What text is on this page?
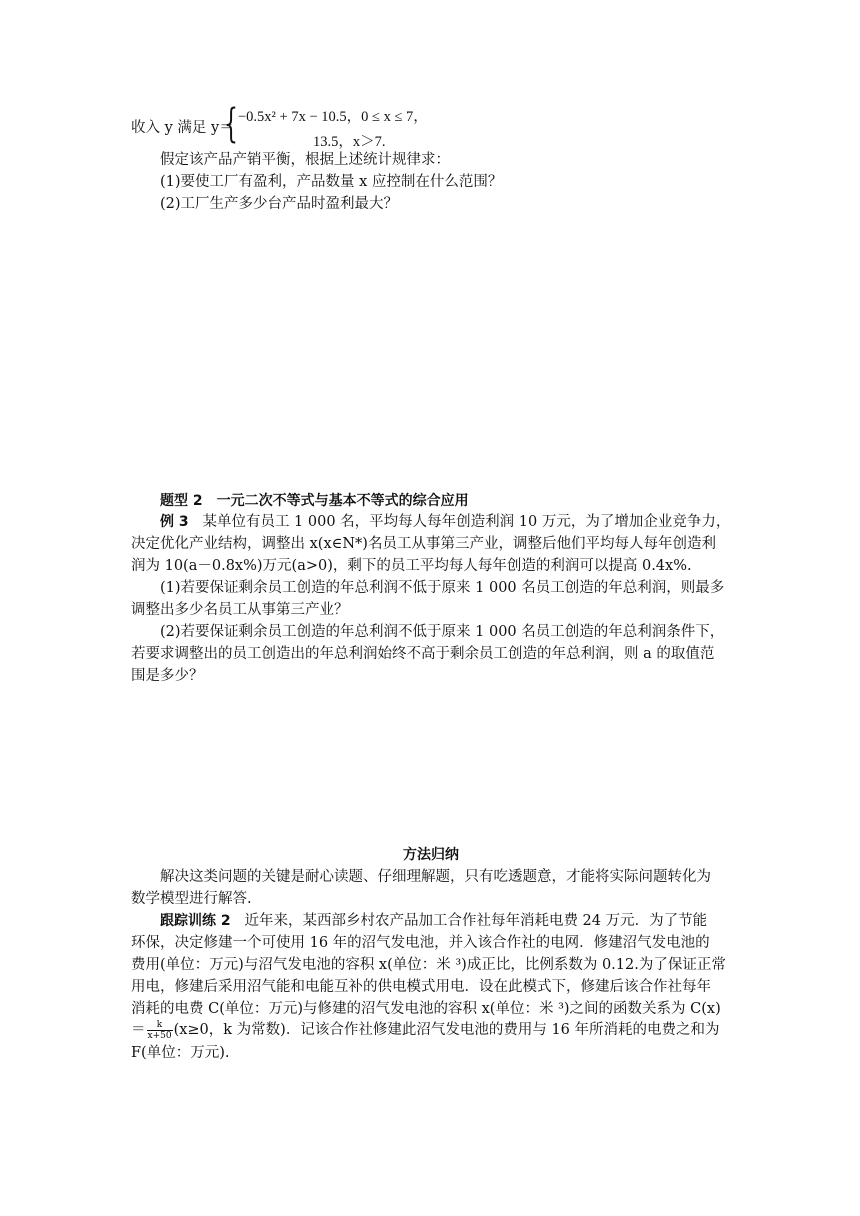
收入 y 满足 y＝
{ −0.5x² + 7x − 10.5，0 ≤ x ≤ 7，
13.5，x＞7.
假定该产品产销平衡，根据上述统计规律求：
(1)要使工厂有盈利，产品数量 x 应控制在什么范围？
(2)工厂生产多少台产品时盈利最大？
题型 2　一元二次不等式与基本不等式的综合应用
例 3 某单位有员工 1 000 名，平均每人每年创造利润 10 万元，为了增加企业竞争力，
决定优化产业结构，调整出 x(x∈N*)名员工从事第三产业，调整后他们平均每人每年创造利
润为 10(a－0.8x%)万元(a>0)，剩下的员工平均每人每年创造的利润可以提高 0.4x%.
(1)若要保证剩余员工创造的年总利润不低于原来 1 000 名员工创造的年总利润，则最多
调整出多少名员工从事第三产业？
(2)若要保证剩余员工创造的年总利润不低于原来 1 000 名员工创造的年总利润条件下，
若要求调整出的员工创造出的年总利润始终不高于剩余员工创造的年总利润，则 a 的取值范
围是多少？
方法归纳
解决这类问题的关键是耐心读题、仔细理解题，只有吃透题意，才能将实际问题转化为
数学模型进行解答.
跟踪训练 2 近年来，某西部乡村农产品加工合作社每年消耗电费 24 万元．为了节能
环保，决定修建一个可使用 16 年的沼气发电池，并入该合作社的电网．修建沼气发电池的
费用(单位：万元)与沼气发电池的容积 x(单位：米 ³)成正比，比例系数为 0.12.为了保证正常
用电，修建后采用沼气能和电能互补的供电模式用电．设在此模式下，修建后该合作社每年
消耗的电费 C(单位：万元)与修建的沼气发电池的容积 x(单位：米 ³)之间的函数关系为 C(x)
＝ $\frac{k}{x+50} (x\ge 0$，k 为常数)．记该合作社修建此沼气发电池的费用与 16 年所消耗的电费之和为
F(单位：万元).
